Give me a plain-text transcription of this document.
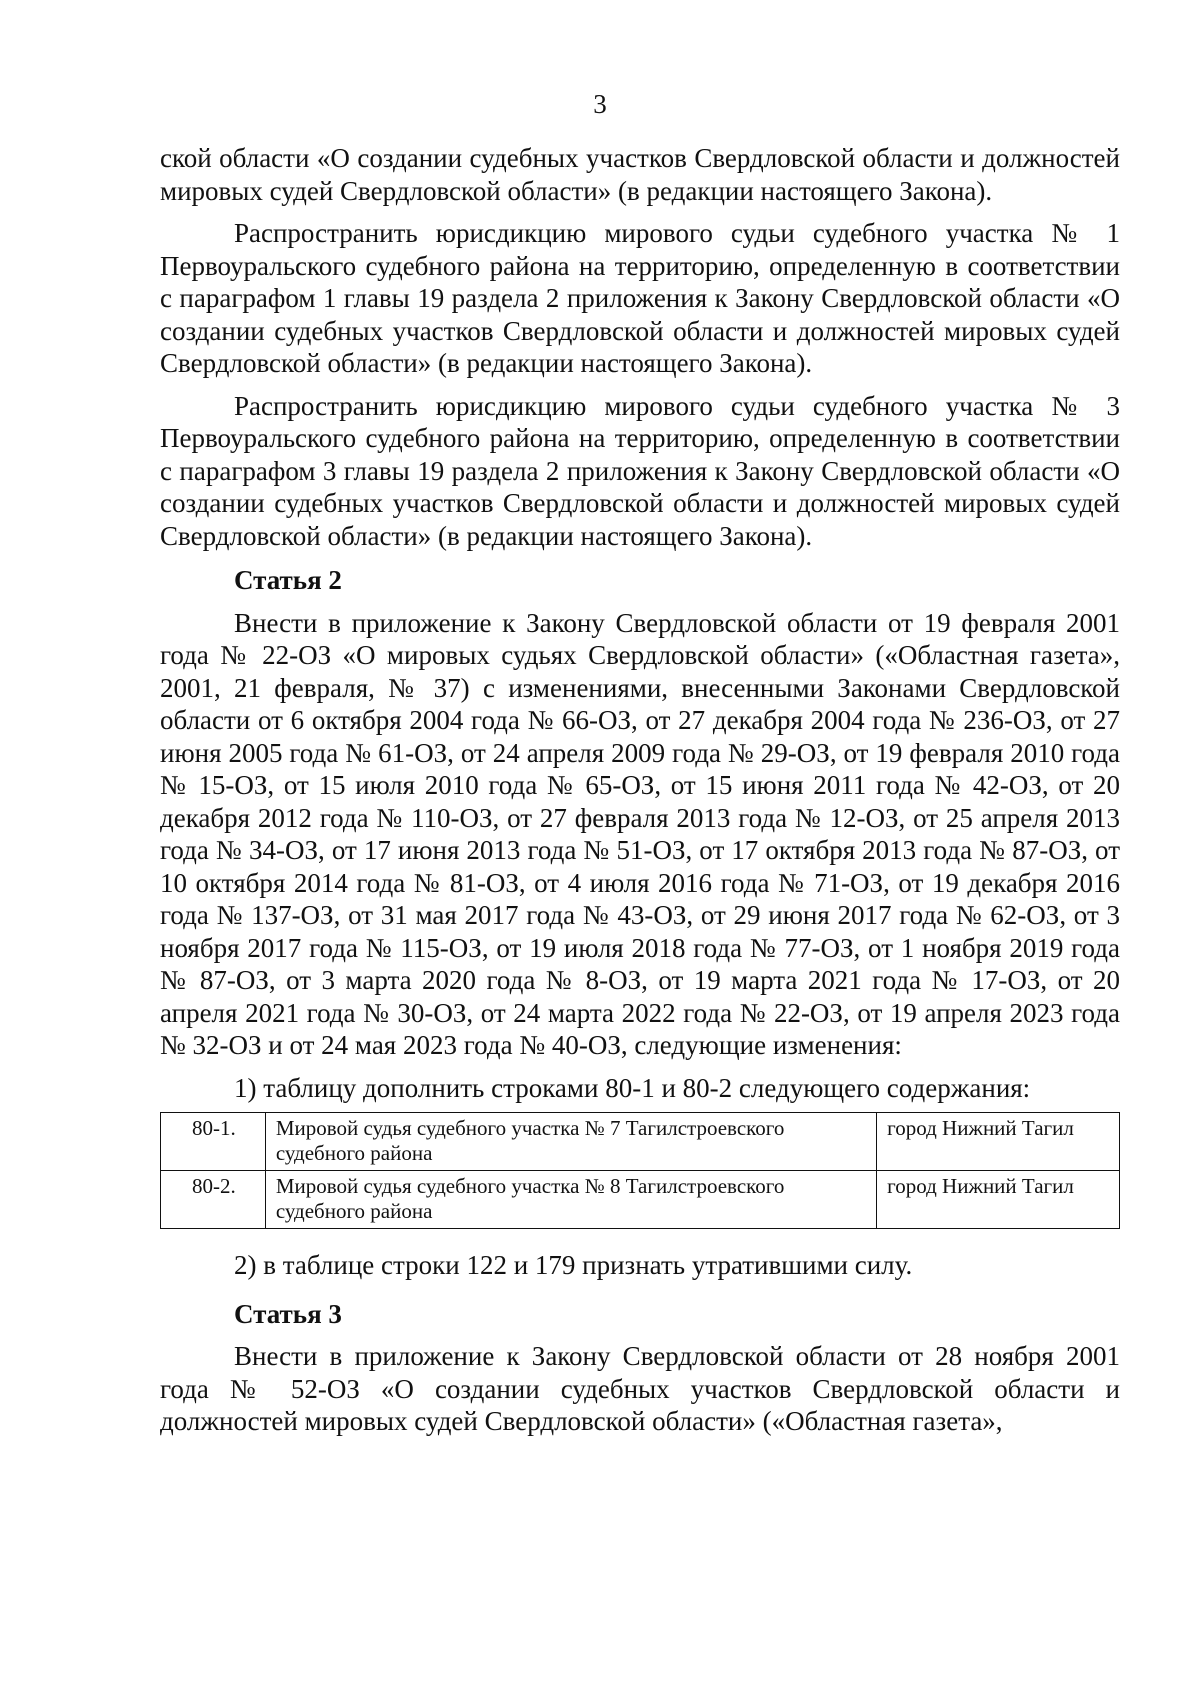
3

ской области «О создании судебных участков Свердловской области и должностей мировых судей Свердловской области» (в редакции настоящего Закона).

Распространить юрисдикцию мирового судьи судебного участка № 1 Первоуральского судебного района на территорию, определенную в соответствии с параграфом 1 главы 19 раздела 2 приложения к Закону Свердловской области «О создании судебных участков Свердловской области и должностей мировых судей Свердловской области» (в редакции настоящего Закона).

Распространить юрисдикцию мирового судьи судебного участка № 3 Первоуральского судебного района на территорию, определенную в соответствии с параграфом 3 главы 19 раздела 2 приложения к Закону Свердловской области «О создании судебных участков Свердловской области и должностей мировых судей Свердловской области» (в редакции настоящего Закона).

Статья 2

Внести в приложение к Закону Свердловской области от 19 февраля 2001 года № 22-ОЗ «О мировых судьях Свердловской области» («Областная газета», 2001, 21 февраля, № 37) с изменениями, внесенными Законами Свердловской области от 6 октября 2004 года № 66-ОЗ, от 27 декабря 2004 года № 236-ОЗ, от 27 июня 2005 года № 61-ОЗ, от 24 апреля 2009 года № 29-ОЗ, от 19 февраля 2010 года № 15-ОЗ, от 15 июля 2010 года № 65-ОЗ, от 15 июня 2011 года № 42-ОЗ, от 20 декабря 2012 года № 110-ОЗ, от 27 февраля 2013 года № 12-ОЗ, от 25 апреля 2013 года № 34-ОЗ, от 17 июня 2013 года № 51-ОЗ, от 17 октября 2013 года № 87-ОЗ, от 10 октября 2014 года № 81-ОЗ, от 4 июля 2016 года № 71-ОЗ, от 19 декабря 2016 года № 137-ОЗ, от 31 мая 2017 года № 43-ОЗ, от 29 июня 2017 года № 62-ОЗ, от 3 ноября 2017 года № 115-ОЗ, от 19 июля 2018 года № 77-ОЗ, от 1 ноября 2019 года № 87-ОЗ, от 3 марта 2020 года № 8-ОЗ, от 19 марта 2021 года № 17-ОЗ, от 20 апреля 2021 года № 30-ОЗ, от 24 марта 2022 года № 22-ОЗ, от 19 апреля 2023 года № 32-ОЗ и от 24 мая 2023 года № 40-ОЗ, следующие изменения:

1) таблицу дополнить строками 80-1 и 80-2 следующего содержания:

80-1.	Мировой судья судебного участка № 7 Тагилстроевского судебного района	город Нижний Тагил
80-2.	Мировой судья судебного участка № 8 Тагилстроевского судебного района	город Нижний Тагил

2) в таблице строки 122 и 179 признать утратившими силу.

Статья 3

Внести в приложение к Закону Свердловской области от 28 ноября 2001 года № 52-ОЗ «О создании судебных участков Свердловской области и должностей мировых судей Свердловской области» («Областная газета»,
